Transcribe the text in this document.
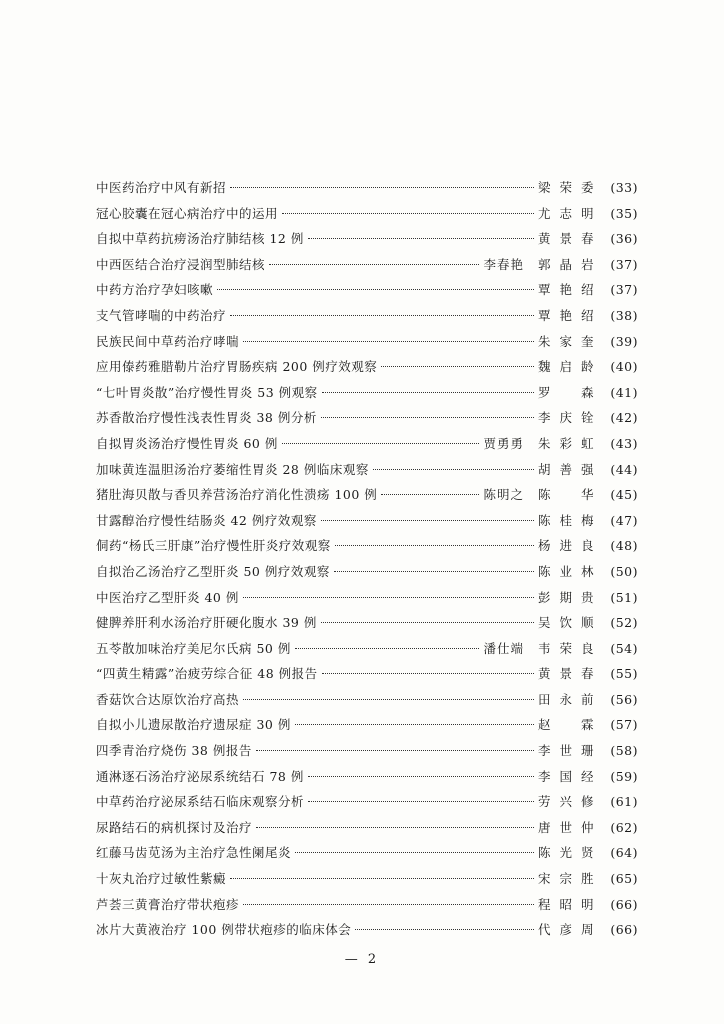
中医药治疗中风有新招	梁荣委	(33)
冠心胶囊在冠心病治疗中的运用	尤志明	(35)
自拟中草药抗痨汤治疗肺结核 12 例	黄景春	(36)
中西医结合治疗浸润型肺结核	李春艳 郭晶岩	(37)
中药方治疗孕妇咳嗽	覃艳绍	(37)
支气管哮喘的中药治疗	覃艳绍	(38)
民族民间中草药治疗哮喘	朱家奎	(39)
应用傣药雅腊勒片治疗胃肠疾病 200 例疗效观察	魏启龄	(40)
“七叶胃炎散”治疗慢性胃炎 53 例观察	罗 森	(41)
苏香散治疗慢性浅表性胃炎 38 例分析	李庆铨	(42)
自拟胃炎汤治疗慢性胃炎 60 例	贾勇勇 朱彩虹	(43)
加味黄连温胆汤治疗萎缩性胃炎 28 例临床观察	胡善强	(44)
猪肚海贝散与香贝养营汤治疗消化性溃疡 100 例	陈明之 陈 华	(45)
甘露醇治疗慢性结肠炎 42 例疗效观察	陈桂梅	(47)
侗药“杨氏三肝康”治疗慢性肝炎疗效观察	杨进良	(48)
自拟治乙汤治疗乙型肝炎 50 例疗效观察	陈业林	(50)
中医治疗乙型肝炎 40 例	彭期贵	(51)
健脾养肝利水汤治疗肝硬化腹水 39 例	吴饮顺	(52)
五苓散加味治疗美尼尔氏病 50 例	潘仕端 韦荣良	(54)
“四黄生精露”治疲劳综合征 48 例报告	黄景春	(55)
香菇饮合达原饮治疗高热	田永前	(56)
自拟小儿遗尿散治疗遗尿症 30 例	赵 霖	(57)
四季青治疗烧伤 38 例报告	李世珊	(58)
通淋逐石汤治疗泌尿系统结石 78 例	李国经	(59)
中草药治疗泌尿系结石临床观察分析	劳兴修	(61)
尿路结石的病机探讨及治疗	唐世仲	(62)
红藤马齿苋汤为主治疗急性阑尾炎	陈光贤	(64)
十灰丸治疗过敏性紫癜	宋宗胜	(65)
芦荟三黄膏治疗带状疱疹	程昭明	(66)
冰片大黄液治疗 100 例带状疱疹的临床体会	代彦周	(66)
— 2
